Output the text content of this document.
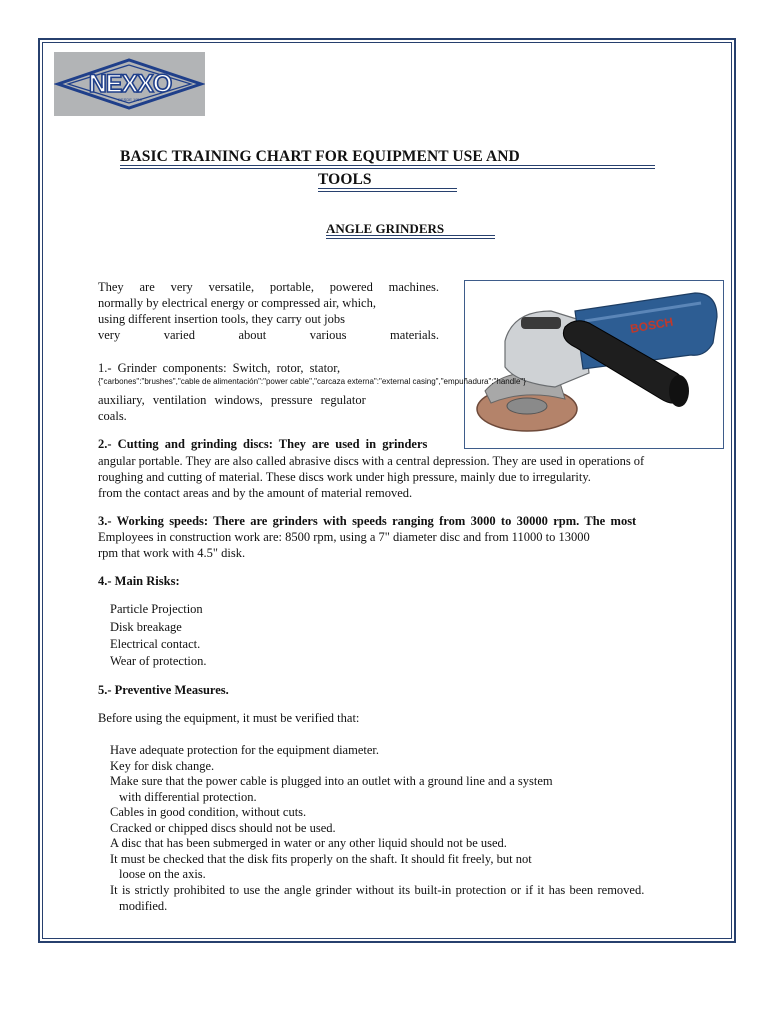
NEXXO
DESDE 1959
BASIC TRAINING CHART FOR EQUIPMENT USE AND
TOOLS
ANGLE GRINDERS
They are very versatile, portable, powered machines.
normally by electrical energy or compressed air, which,
using different insertion tools, they carry out jobs
very	varied	about	various	materials.	BOSCH
1.- Grinder components: Switch, rotor, stator,
{"carbones":"brushes","cable de alimentación":"power cable","carcaza externa":"external casing","empuñadura":"handle"}
auxiliary, ventilation windows, pressure regulator
coals.
2.- Cutting and grinding discs: They are used in grinders
angular portable. They are also called abrasive discs with a central depression. They are used in operations of
roughing and cutting of material. These discs work under high pressure, mainly due to irregularity.
from the contact areas and by the amount of material removed.
3.- Working speeds: There are grinders with speeds ranging from 3000 to 30000 rpm. The most
Employees in construction work are: 8500 rpm, using a 7" diameter disc and from 11000 to 13000
rpm that work with 4.5" disk.
4.- Main Risks:
Particle Projection
Disk breakage
Electrical contact.
Wear of protection.
5.- Preventive Measures.
Before using the equipment, it must be verified that:
Have adequate protection for the equipment diameter.
Key for disk change.
Make sure that the power cable is plugged into an outlet with a ground line and a system
with differential protection.
Cables in good condition, without cuts.
Cracked or chipped discs should not be used.
A disc that has been submerged in water or any other liquid should not be used.
It must be checked that the disk fits properly on the shaft. It should fit freely, but not
loose on the axis.
It is strictly prohibited to use the angle grinder without its built-in protection or if it has been removed.
modified.
